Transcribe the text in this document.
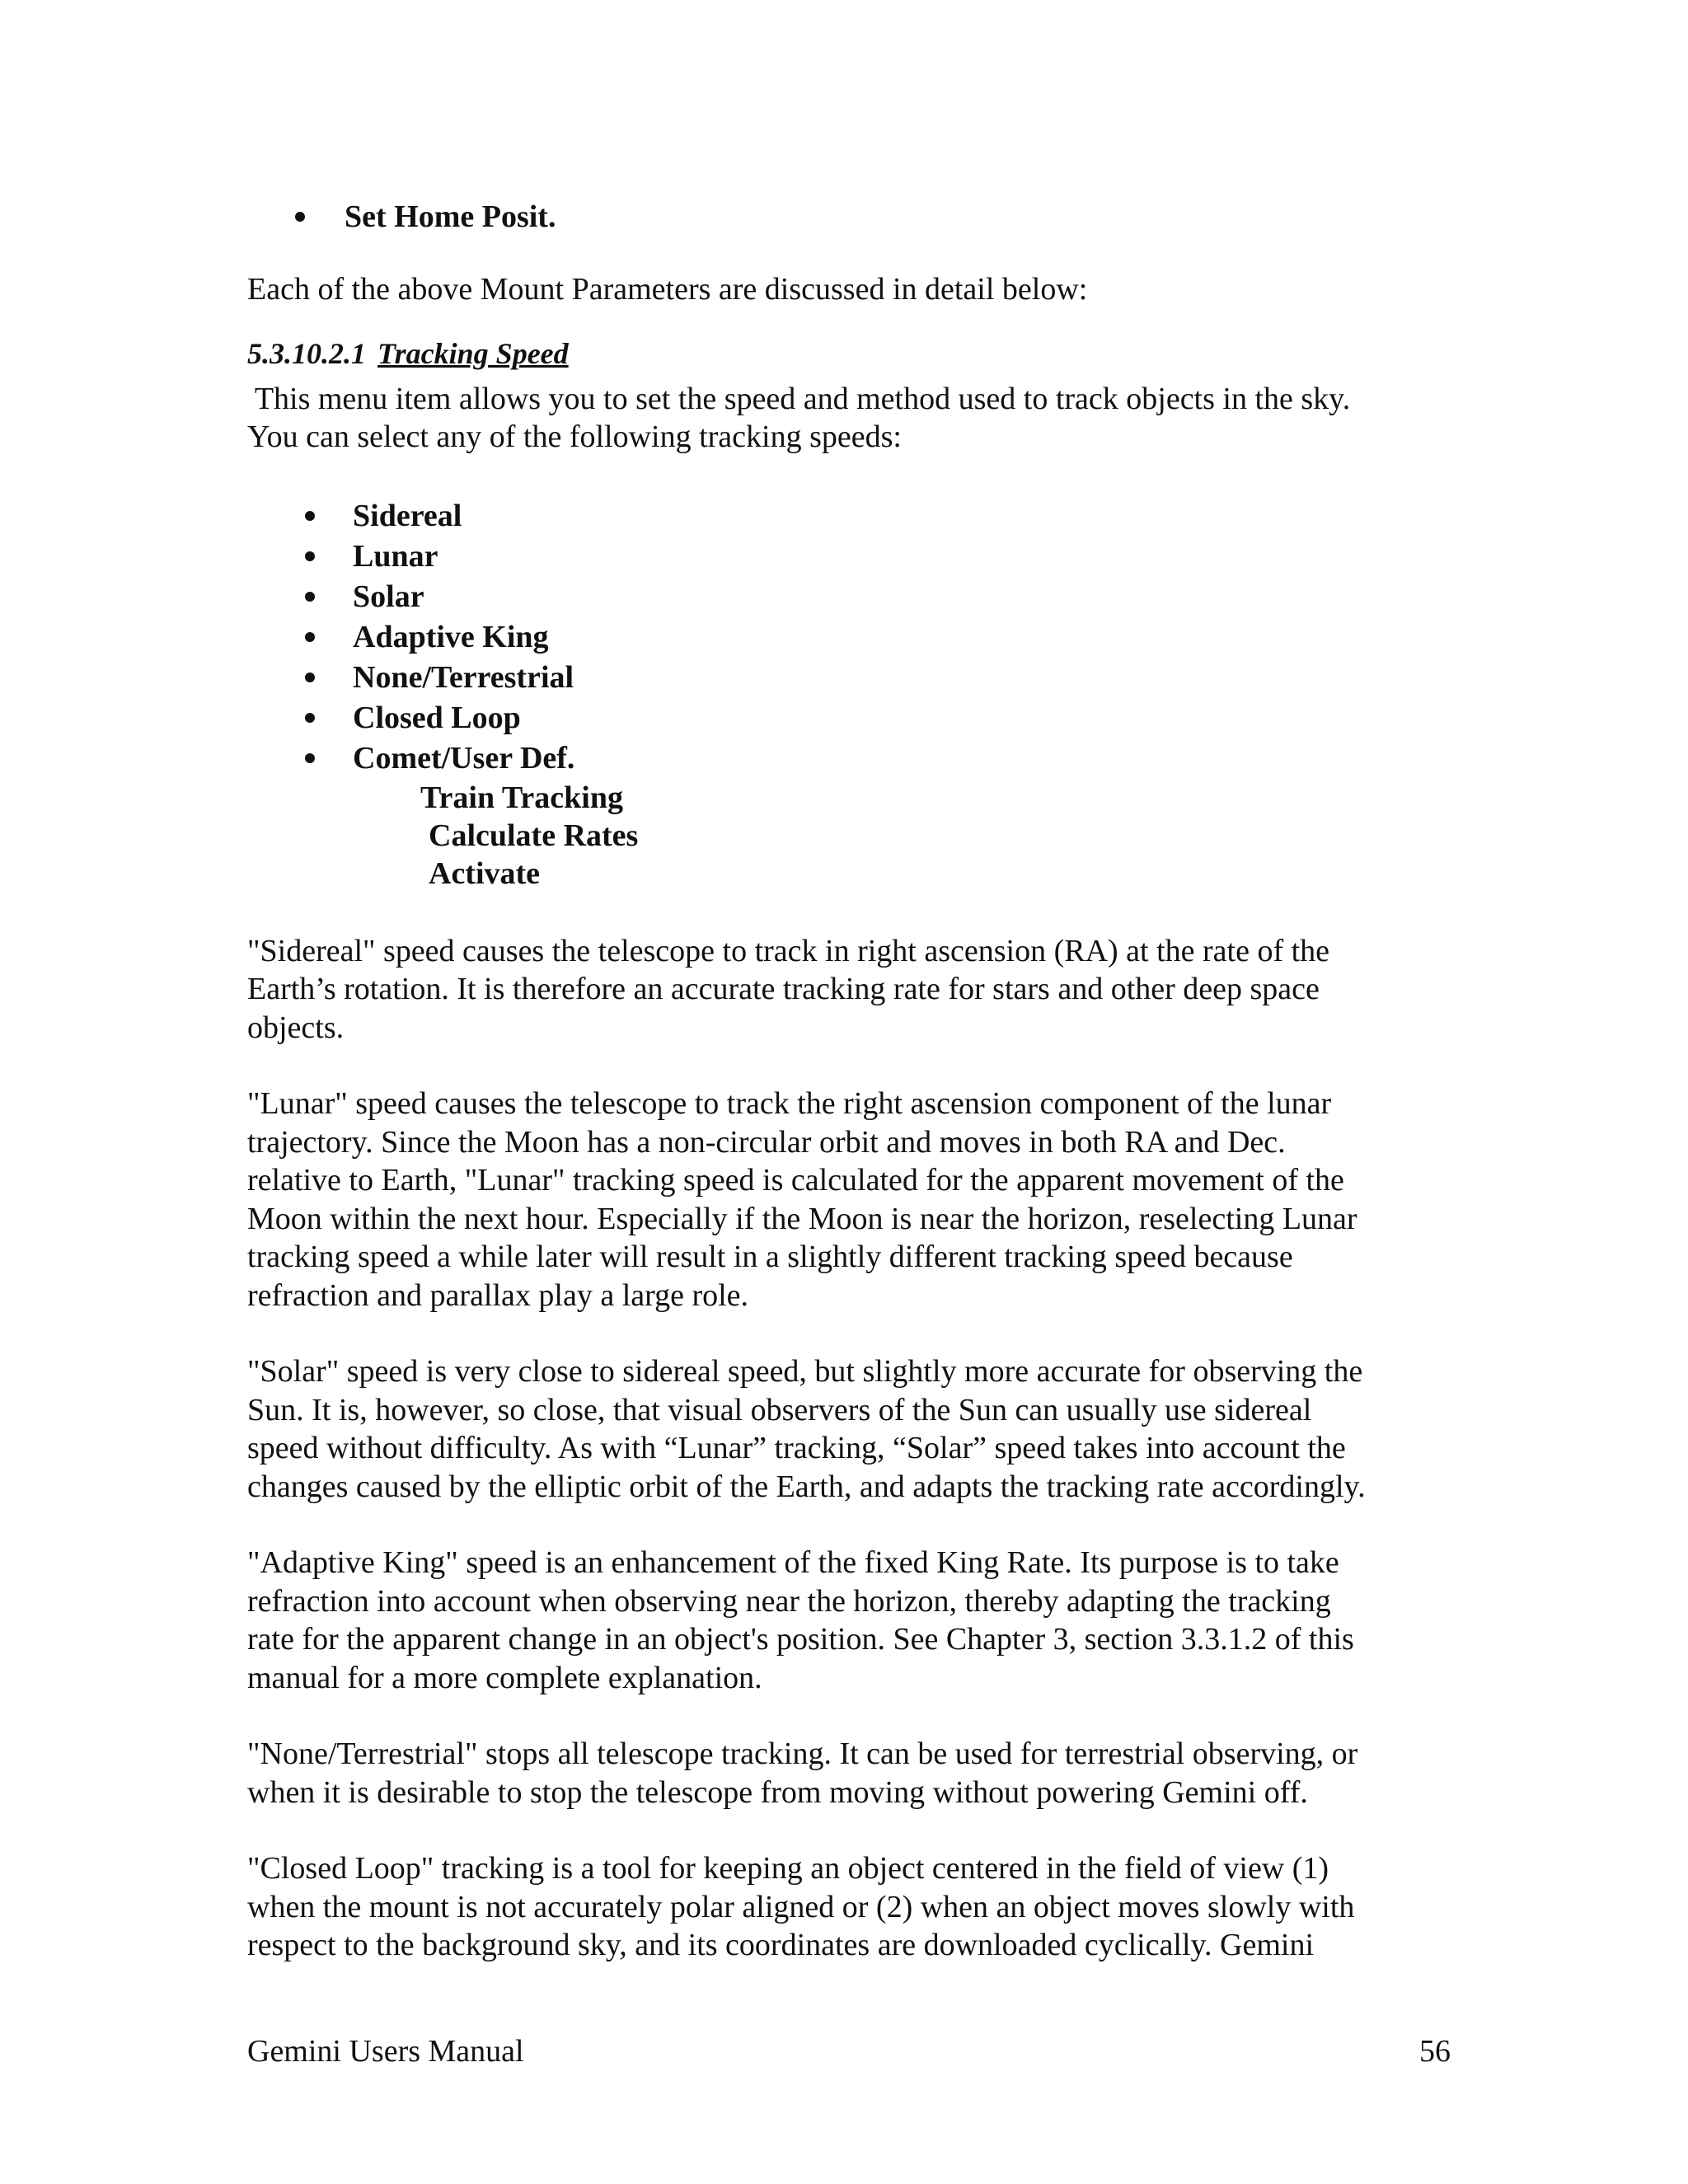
Set Home Posit.

Each of the above Mount Parameters are discussed in detail below:

5.3.10.2.1 Tracking Speed

This menu item allows you to set the speed and method used to track objects in the sky.
You can select any of the following tracking speeds:

Sidereal
Lunar
Solar
Adaptive King
None/Terrestrial
Closed Loop
Comet/User Def.
Train Tracking
Calculate Rates
Activate

"Sidereal" speed causes the telescope to track in right ascension (RA) at the rate of the
Earth’s rotation. It is therefore an accurate tracking rate for stars and other deep space
objects.

"Lunar" speed causes the telescope to track the right ascension component of the lunar
trajectory. Since the Moon has a non-circular orbit and moves in both RA and Dec.
relative to Earth, "Lunar" tracking speed is calculated for the apparent movement of the
Moon within the next hour. Especially if the Moon is near the horizon, reselecting Lunar
tracking speed a while later will result in a slightly different tracking speed because
refraction and parallax play a large role.

"Solar" speed is very close to sidereal speed, but slightly more accurate for observing the
Sun. It is, however, so close, that visual observers of the Sun can usually use sidereal
speed without difficulty. As with “Lunar” tracking, “Solar” speed takes into account the
changes caused by the elliptic orbit of the Earth, and adapts the tracking rate accordingly.

"Adaptive King" speed is an enhancement of the fixed King Rate. Its purpose is to take
refraction into account when observing near the horizon, thereby adapting the tracking
rate for the apparent change in an object's position. See Chapter 3, section 3.3.1.2 of this
manual for a more complete explanation.

"None/Terrestrial" stops all telescope tracking. It can be used for terrestrial observing, or
when it is desirable to stop the telescope from moving without powering Gemini off.

"Closed Loop" tracking is a tool for keeping an object centered in the field of view (1)
when the mount is not accurately polar aligned or (2) when an object moves slowly with
respect to the background sky, and its coordinates are downloaded cyclically. Gemini

Gemini Users Manual	56
